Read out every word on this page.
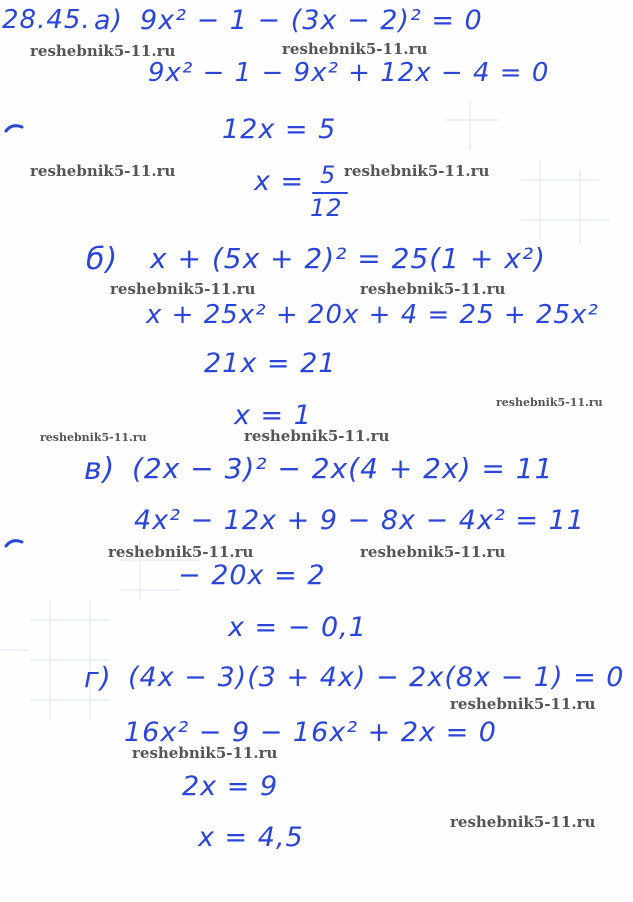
28.45. а) 9x² − 1 − (3x − 2)² = 0
9x² − 1 − 9x² + 12x − 4 = 0
12x = 5
x = 5
12
б) x + (5x + 2)² = 25(1 + x²)
x + 25x² + 20x + 4 = 25 + 25x²
21x = 21
x = 1
в) (2x − 3)² − 2x(4 + 2x) = 11
4x² − 12x + 9 − 8x − 4x² = 11
− 20x = 2
x = − 0,1
г) (4x − 3)(3 + 4x) − 2x(8x − 1) = 0
16x² − 9 − 16x² + 2x = 0
2x = 9
x = 4,5
reshebnik5-11.ru	reshebnik5-11.ru
reshebnik5-11.ru	reshebnik5-11.ru
reshebnik5-11.ru	reshebnik5-11.ru
reshebnik5-11.ru
reshebnik5-11.ru	reshebnik5-11.ru
reshebnik5-11.ru	reshebnik5-11.ru
reshebnik5-11.ru
reshebnik5-11.ru
reshebnik5-11.ru
